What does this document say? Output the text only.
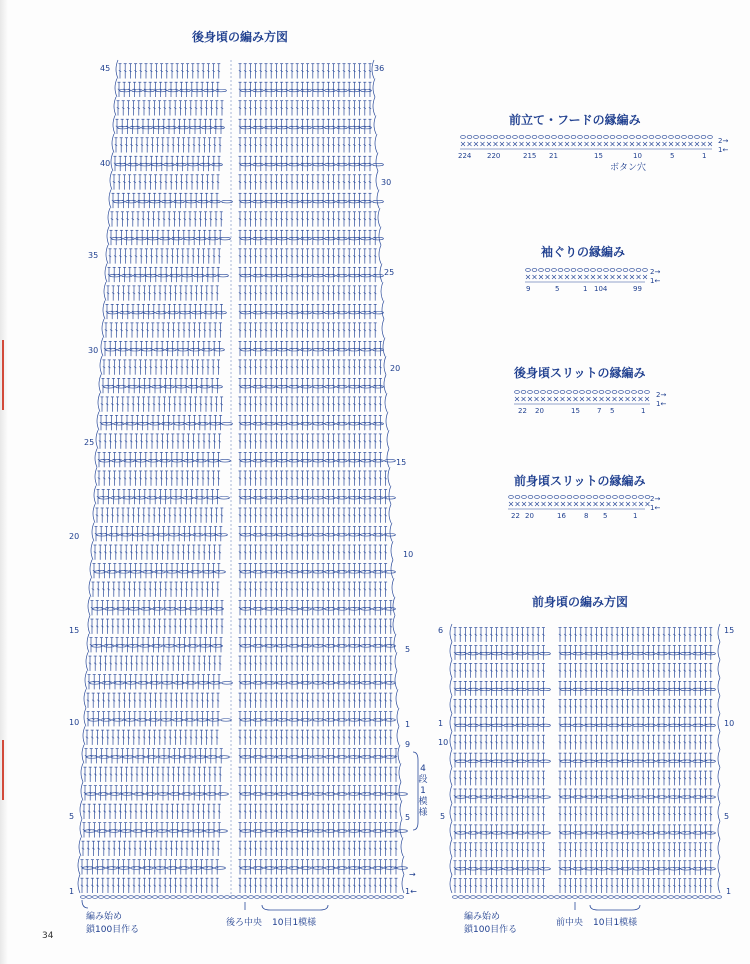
後身頃の編み方図
45
40
35
30
25
20
15
10
5
1
36
30
25
20
15
10
5
1
9
5
4段1模様
→
1←
編み始め
鎖100目作る
後ろ中央 10目1模様
前立て・フードの縁編み
224 220	215 21	15	10	5	1
ボタン穴
2→
1←
袖ぐりの縁編み
9	5	1 104	99
2→
1←
後身頃スリットの縁編み
22 20	15 7 5	1
2→
1←
前身頃スリットの縁編み
22 20	16	8 5	1
2→
1←
前身頃の編み方図
6
1
10
5
15
10
5
1
編み始め
鎖100目作る
前中央 10目1模様
34
